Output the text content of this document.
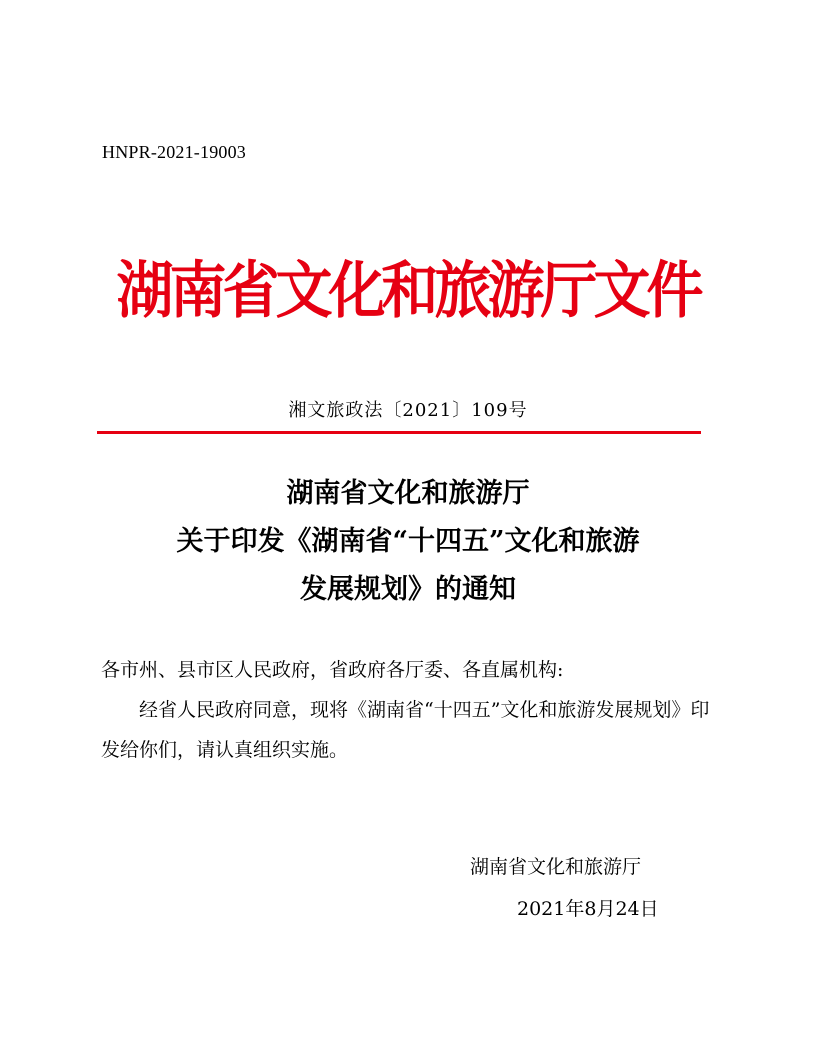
HNPR-2021-19003
湖南省文化和旅游厅文件
湘文旅政法〔2021〕109号
湖南省文化和旅游厅
关于印发《湖南省“十四五”文化和旅游
发展规划》的通知

各市州、县市区人民政府，省政府各厅委、各直属机构:

经省人民政府同意，现将《湖南省“十四五”文化和旅游发展规划》印发给你们，请认真组织实施。

湖南省文化和旅游厅
2021年8月24日
